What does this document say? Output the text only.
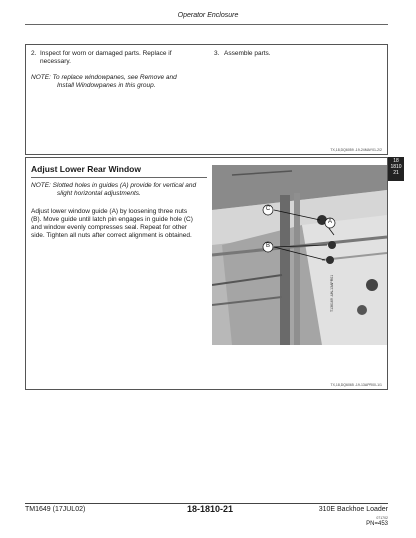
Operator Enclosure
2. Inspect for worn or damaged parts. Replace if
necessary.
NOTE: To replace windowpanes, see Remove and
Install Windowpanes in this group.
3. Assemble parts.
TX,18,DQ6059 -19-24MAY01-2/2
18
1810
21
Adjust Lower Rear Window
NOTE: Slotted holes in guides (A) provide for vertical and
slight horizontal adjustments.
Adjust lower window guide (A) by loosening three nuts
(B). Move guide until latch pin engages in guide hole (C)
and window evenly compresses seal. Repeat for other
side. Tighten all nuts after correct alignment is obtained.
C
A
B
T136169 -UN-13APR01
TX,18,DQ6065 -19-13APR00-1/1
TM1649 (17JUL02)	18-1810-21	310E Backhoe Loader
071702
PN=453
